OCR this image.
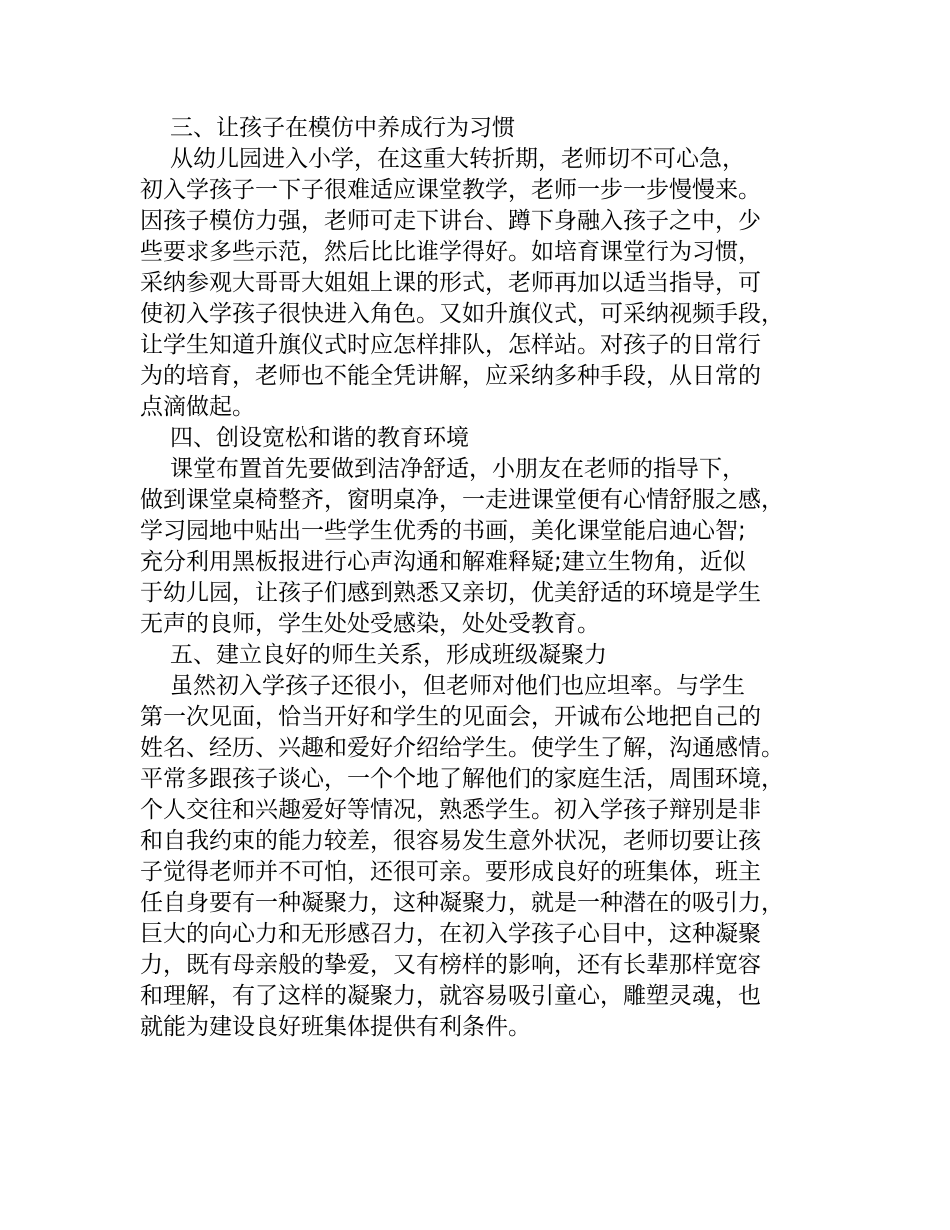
三、让孩子在模仿中养成行为习惯
从幼儿园进入小学，在这重大转折期，老师切不可心急，
初入学孩子一下子很难适应课堂教学，老师一步一步慢慢来。
因孩子模仿力强，老师可走下讲台、蹲下身融入孩子之中，少
些要求多些示范，然后比比谁学得好。如培育课堂行为习惯，
采纳参观大哥哥大姐姐上课的形式，老师再加以适当指导，可
使初入学孩子很快进入角色。又如升旗仪式，可采纳视频手段，
让学生知道升旗仪式时应怎样排队，怎样站。对孩子的日常行
为的培育，老师也不能全凭讲解，应采纳多种手段，从日常的
点滴做起。
四、创设宽松和谐的教育环境
课堂布置首先要做到洁净舒适，小朋友在老师的指导下，
做到课堂桌椅整齐，窗明桌净，一走进课堂便有心情舒服之感，
学习园地中贴出一些学生优秀的书画，美化课堂能启迪心智;
充分利用黑板报进行心声沟通和解难释疑;建立生物角，近似
于幼儿园，让孩子们感到熟悉又亲切，优美舒适的环境是学生
无声的良师，学生处处受感染，处处受教育。
五、建立良好的师生关系，形成班级凝聚力
虽然初入学孩子还很小，但老师对他们也应坦率。与学生
第一次见面，恰当开好和学生的见面会，开诚布公地把自己的
姓名、经历、兴趣和爱好介绍给学生。使学生了解，沟通感情。
平常多跟孩子谈心，一个个地了解他们的家庭生活，周围环境，
个人交往和兴趣爱好等情况，熟悉学生。初入学孩子辩别是非
和自我约束的能力较差，很容易发生意外状况，老师切要让孩
子觉得老师并不可怕，还很可亲。要形成良好的班集体，班主
任自身要有一种凝聚力，这种凝聚力，就是一种潜在的吸引力，
巨大的向心力和无形感召力，在初入学孩子心目中，这种凝聚
力，既有母亲般的挚爱，又有榜样的影响，还有长辈那样宽容
和理解，有了这样的凝聚力，就容易吸引童心，雕塑灵魂，也
就能为建设良好班集体提供有利条件。
